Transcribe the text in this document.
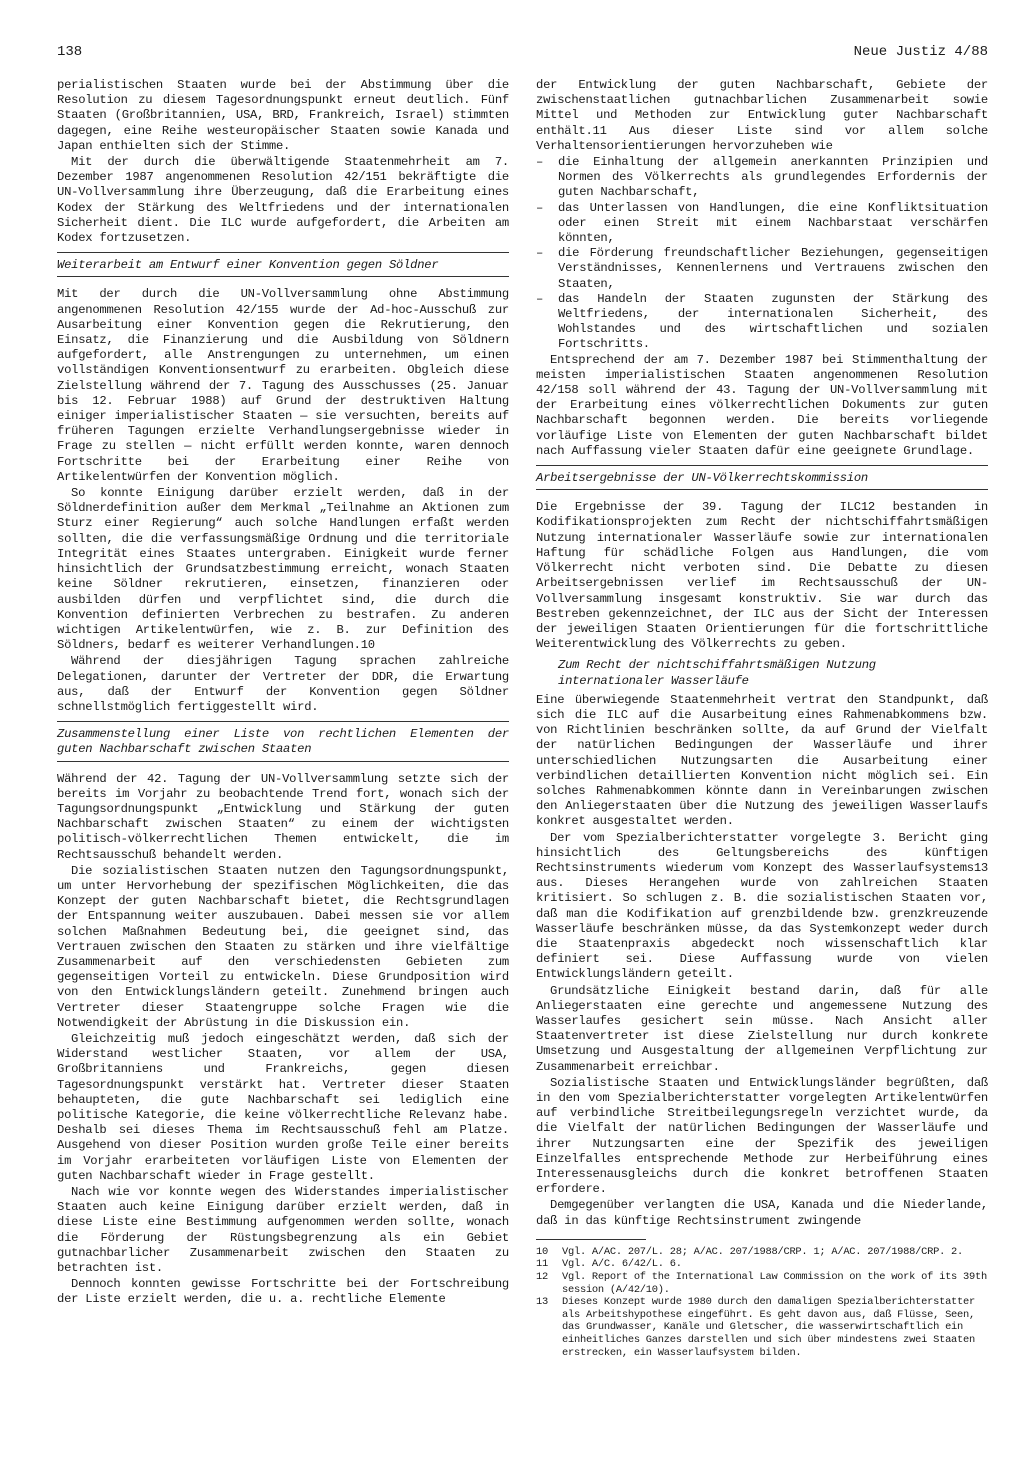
138	Neue Justiz 4/88

perialistischen Staaten wurde bei der Abstimmung über die Resolution zu diesem Tagesordnungspunkt erneut deutlich. Fünf Staaten (Großbritannien, USA, BRD, Frankreich, Israel) stimmten dagegen, eine Reihe westeuropäischer Staaten sowie Kanada und Japan enthielten sich der Stimme.

Mit der durch die überwältigende Staatenmehrheit am 7. Dezember 1987 angenommenen Resolution 42/151 bekräftigte die UN-Vollversammlung ihre Überzeugung, daß die Erarbeitung eines Kodex der Stärkung des Weltfriedens und der internationalen Sicherheit dient. Die ILC wurde aufgefordert, die Arbeiten am Kodex fortzusetzen.

Weiterarbeit am Entwurf einer Konvention gegen Söldner

Mit der durch die UN-Vollversammlung ohne Abstimmung angenommenen Resolution 42/155 wurde der Ad-hoc-Ausschuß zur Ausarbeitung einer Konvention gegen die Rekrutierung, den Einsatz, die Finanzierung und die Ausbildung von Söldnern aufgefordert, alle Anstrengungen zu unternehmen, um einen vollständigen Konventionsentwurf zu erarbeiten. Obgleich diese Zielstellung während der 7. Tagung des Ausschusses (25. Januar bis 12. Februar 1988) auf Grund der destruktiven Haltung einiger imperialistischer Staaten — sie versuchten, bereits auf früheren Tagungen erzielte Verhandlungsergebnisse wieder in Frage zu stellen — nicht erfüllt werden konnte, waren dennoch Fortschritte bei der Erarbeitung einer Reihe von Artikelentwürfen der Konvention möglich.

So konnte Einigung darüber erzielt werden, daß in der Söldnerdefinition außer dem Merkmal „Teilnahme an Aktionen zum Sturz einer Regierung“ auch solche Handlungen erfaßt werden sollten, die die verfassungsmäßige Ordnung und die territoriale Integrität eines Staates untergraben. Einigkeit wurde ferner hinsichtlich der Grundsatzbestimmung erreicht, wonach Staaten keine Söldner rekrutieren, einsetzen, finanzieren oder ausbilden dürfen und verpflichtet sind, die durch die Konvention definierten Verbrechen zu bestrafen. Zu anderen wichtigen Artikelentwürfen, wie z. B. zur Definition des Söldners, bedarf es weiterer Verhandlungen.10

Während der diesjährigen Tagung sprachen zahlreiche Delegationen, darunter der Vertreter der DDR, die Erwartung aus, daß der Entwurf der Konvention gegen Söldner schnellstmöglich fertiggestellt wird.

Zusammenstellung einer Liste von rechtlichen Elementen der guten Nachbarschaft zwischen Staaten

Während der 42. Tagung der UN-Vollversammlung setzte sich der bereits im Vorjahr zu beobachtende Trend fort, wonach sich der Tagungsordnungspunkt „Entwicklung und Stärkung der guten Nachbarschaft zwischen Staaten“ zu einem der wichtigsten politisch-völkerrechtlichen Themen entwickelt, die im Rechtsausschuß behandelt werden.

Die sozialistischen Staaten nutzen den Tagungsordnungspunkt, um unter Hervorhebung der spezifischen Möglichkeiten, die das Konzept der guten Nachbarschaft bietet, die Rechtsgrundlagen der Entspannung weiter auszubauen. Dabei messen sie vor allem solchen Maßnahmen Bedeutung bei, die geeignet sind, das Vertrauen zwischen den Staaten zu stärken und ihre vielfältige Zusammenarbeit auf den verschiedensten Gebieten zum gegenseitigen Vorteil zu entwickeln. Diese Grundposition wird von den Entwicklungsländern geteilt. Zunehmend bringen auch Vertreter dieser Staatengruppe solche Fragen wie die Notwendigkeit der Abrüstung in die Diskussion ein.

Gleichzeitig muß jedoch eingeschätzt werden, daß sich der Widerstand westlicher Staaten, vor allem der USA, Großbritanniens und Frankreichs, gegen diesen Tagesordnungspunkt verstärkt hat. Vertreter dieser Staaten behaupteten, die gute Nachbarschaft sei lediglich eine politische Kategorie, die keine völkerrechtliche Relevanz habe. Deshalb sei dieses Thema im Rechtsausschuß fehl am Platze. Ausgehend von dieser Position wurden große Teile einer bereits im Vorjahr erarbeiteten vorläufigen Liste von Elementen der guten Nachbarschaft wieder in Frage gestellt.

Nach wie vor konnte wegen des Widerstandes imperialistischer Staaten auch keine Einigung darüber erzielt werden, daß in diese Liste eine Bestimmung aufgenommen werden sollte, wonach die Förderung der Rüstungsbegrenzung als ein Gebiet gutnachbarlicher Zusammenarbeit zwischen den Staaten zu betrachten ist.

Dennoch konnten gewisse Fortschritte bei der Fortschreibung der Liste erzielt werden, die u. a. rechtliche Elemente

der Entwicklung der guten Nachbarschaft, Gebiete der zwischenstaatlichen gutnachbarlichen Zusammenarbeit sowie Mittel und Methoden zur Entwicklung guter Nachbarschaft enthält.11 Aus dieser Liste sind vor allem solche Verhaltensorientierungen hervorzuheben wie

– die Einhaltung der allgemein anerkannten Prinzipien und Normen des Völkerrechts als grundlegendes Erfordernis der guten Nachbarschaft,
– das Unterlassen von Handlungen, die eine Konfliktsituation oder einen Streit mit einem Nachbarstaat verschärfen könnten,
– die Förderung freundschaftlicher Beziehungen, gegenseitigen Verständnisses, Kennenlernens und Vertrauens zwischen den Staaten,
– das Handeln der Staaten zugunsten der Stärkung des Weltfriedens, der internationalen Sicherheit, des Wohlstandes und des wirtschaftlichen und sozialen Fortschritts.

Entsprechend der am 7. Dezember 1987 bei Stimmenthaltung der meisten imperialistischen Staaten angenommenen Resolution 42/158 soll während der 43. Tagung der UN-Vollversammlung mit der Erarbeitung eines völkerrechtlichen Dokuments zur guten Nachbarschaft begonnen werden. Die bereits vorliegende vorläufige Liste von Elementen der guten Nachbarschaft bildet nach Auffassung vieler Staaten dafür eine geeignete Grundlage.

Arbeitsergebnisse der UN-Völkerrechtskommission

Die Ergebnisse der 39. Tagung der ILC12 bestanden in Kodifikationsprojekten zum Recht der nichtschiffahrtsmäßigen Nutzung internationaler Wasserläufe sowie zur internationalen Haftung für schädliche Folgen aus Handlungen, die vom Völkerrecht nicht verboten sind. Die Debatte zu diesen Arbeitsergebnissen verlief im Rechtsausschuß der UN-Vollversammlung insgesamt konstruktiv. Sie war durch das Bestreben gekennzeichnet, der ILC aus der Sicht der Interessen der jeweiligen Staaten Orientierungen für die fortschrittliche Weiterentwicklung des Völkerrechts zu geben.

Zum Recht der nichtschiffahrtsmäßigen Nutzung internationaler Wasserläufe

Eine überwiegende Staatenmehrheit vertrat den Standpunkt, daß sich die ILC auf die Ausarbeitung eines Rahmenabkommens bzw. von Richtlinien beschränken sollte, da auf Grund der Vielfalt der natürlichen Bedingungen der Wasserläufe und ihrer unterschiedlichen Nutzungsarten die Ausarbeitung einer verbindlichen detaillierten Konvention nicht möglich sei. Ein solches Rahmenabkommen könnte dann in Vereinbarungen zwischen den Anliegerstaaten über die Nutzung des jeweiligen Wasserlaufs konkret ausgestaltet werden.

Der vom Spezialberichterstatter vorgelegte 3. Bericht ging hinsichtlich des Geltungsbereichs des künftigen Rechtsinstruments wiederum vom Konzept des Wasserlaufsystems13 aus. Dieses Herangehen wurde von zahlreichen Staaten kritisiert. So schlugen z. B. die sozialistischen Staaten vor, daß man die Kodifikation auf grenzbildende bzw. grenzkreuzende Wasserläufe beschränken müsse, da das Systemkonzept weder durch die Staatenpraxis abgedeckt noch wissenschaftlich klar definiert sei. Diese Auffassung wurde von vielen Entwicklungsländern geteilt.

Grundsätzliche Einigkeit bestand darin, daß für alle Anliegerstaaten eine gerechte und angemessene Nutzung des Wasserlaufes gesichert sein müsse. Nach Ansicht aller Staatenvertreter ist diese Zielstellung nur durch konkrete Umsetzung und Ausgestaltung der allgemeinen Verpflichtung zur Zusammenarbeit erreichbar.

Sozialistische Staaten und Entwicklungsländer begrüßten, daß in den vom Spezialberichterstatter vorgelegten Artikelentwürfen auf verbindliche Streitbeilegungsregeln verzichtet wurde, da die Vielfalt der natürlichen Bedingungen der Wasserläufe und ihrer Nutzungsarten eine der Spezifik des jeweiligen Einzelfalles entsprechende Methode zur Herbeiführung eines Interessenausgleichs durch die konkret betroffenen Staaten erfordere.

Demgegenüber verlangten die USA, Kanada und die Niederlande, daß in das künftige Rechtsinstrument zwingende

10	Vgl. A/AC. 207/L. 28; A/AC. 207/1988/CRP. 1; A/AC. 207/1988/CRP. 2.
11	Vgl. A/C. 6/42/L. 6.
12	Vgl. Report of the International Law Commission on the work of its 39th session (A/42/10).
13	Dieses Konzept wurde 1980 durch den damaligen Spezialberichterstatter als Arbeitshypothese eingeführt. Es geht davon aus, daß Flüsse, Seen, das Grundwasser, Kanäle und Gletscher, die wasserwirtschaftlich ein einheitliches Ganzes darstellen und sich über mindestens zwei Staaten erstrecken, ein Wasserlaufsystem bilden.
